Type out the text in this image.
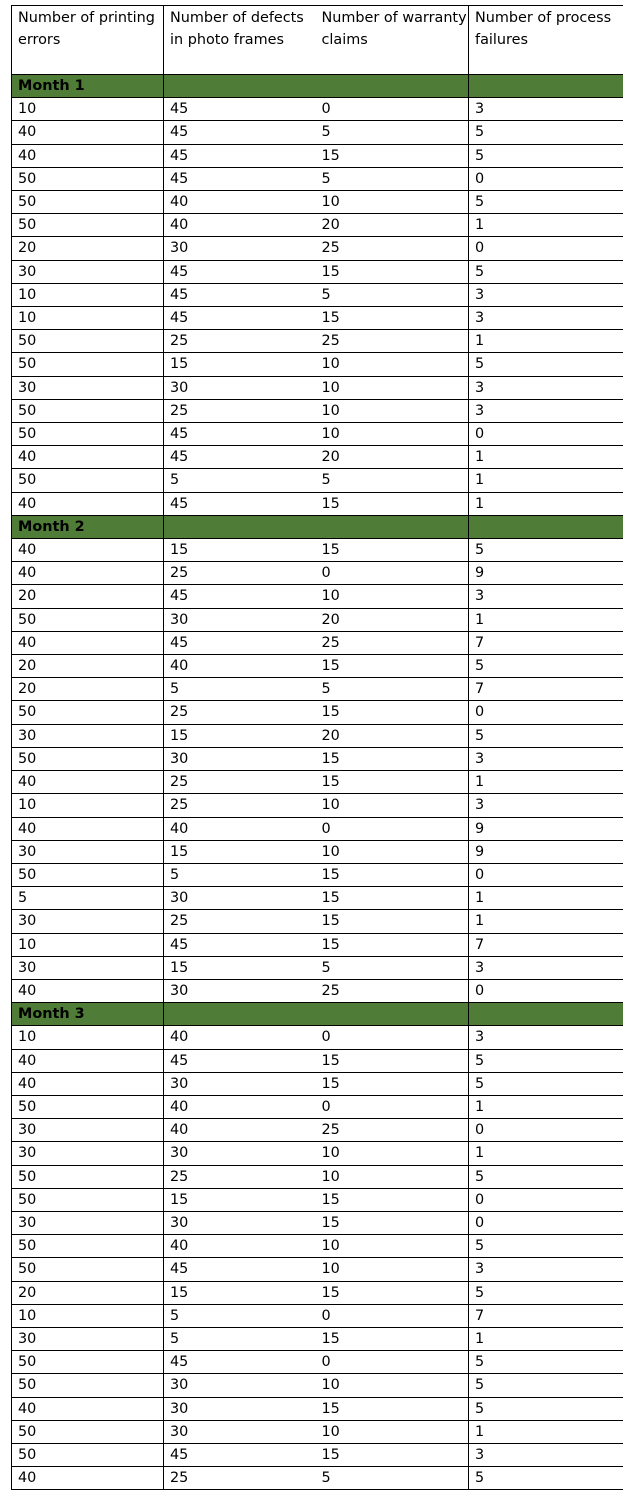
Number of printing errors	Number of defects in photo frames	Number of warranty claims	Number of process failures
Month 1			
10	45	0	3
40	45	5	5
40	45	15	5
50	45	5	0
50	40	10	5
50	40	20	1
20	30	25	0
30	45	15	5
10	45	5	3
10	45	15	3
50	25	25	1
50	15	10	5
30	30	10	3
50	25	10	3
50	45	10	0
40	45	20	1
50	5	5	1
40	45	15	1
Month 2			
40	15	15	5
40	25	0	9
20	45	10	3
50	30	20	1
40	45	25	7
20	40	15	5
20	5	5	7
50	25	15	0
30	15	20	5
50	30	15	3
40	25	15	1
10	25	10	3
40	40	0	9
30	15	10	9
50	5	15	0
5	30	15	1
30	25	15	1
10	45	15	7
30	15	5	3
40	30	25	0
Month 3			
10	40	0	3
40	45	15	5
40	30	15	5
50	40	0	1
30	40	25	0
30	30	10	1
50	25	10	5
50	15	15	0
30	30	15	0
50	40	10	5
50	45	10	3
20	15	15	5
10	5	0	7
30	5	15	1
50	45	0	5
50	30	10	5
40	30	15	5
50	30	10	1
50	45	15	3
40	25	5	5
